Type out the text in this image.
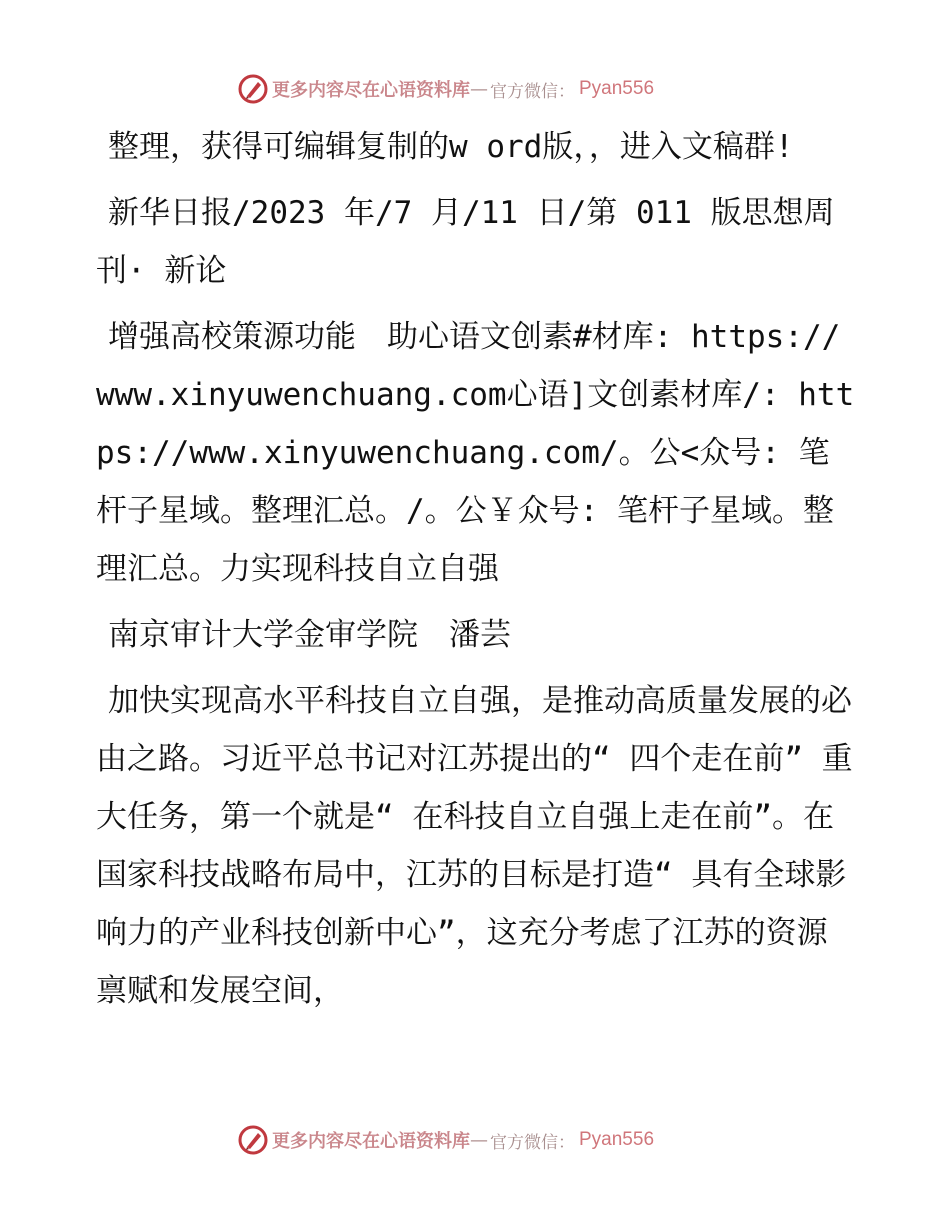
更多内容尽在心语资料库 — 官方微信： Pyan556

整理，获得可编辑复制的w ord版，，进入文稿群!

新华日报/2023 年/7 月/11 日/第 011 版思想周刊· 新论

增强高校策源功能　助心语文创素#材库: https://www.xinyuwenchuang.com心语]文创素材库/: https://www.xinyuwenchuang.com/。公<众号: 笔杆子星域。整理汇总。/。公￥众号: 笔杆子星域。整理汇总。力实现科技自立自强

南京审计大学金审学院　潘芸

加快实现高水平科技自立自强，是推动高质量发展的必由之路。习近平总书记对江苏提出的“ 四个走在前” 重大任务，第一个就是“ 在科技自立自强上走在前”。在国家科技战略布局中，江苏的目标是打造“ 具有全球影响力的产业科技创新中心”，这充分考虑了江苏的资源禀赋和发展空间，

更多内容尽在心语资料库 — 官方微信： Pyan556
